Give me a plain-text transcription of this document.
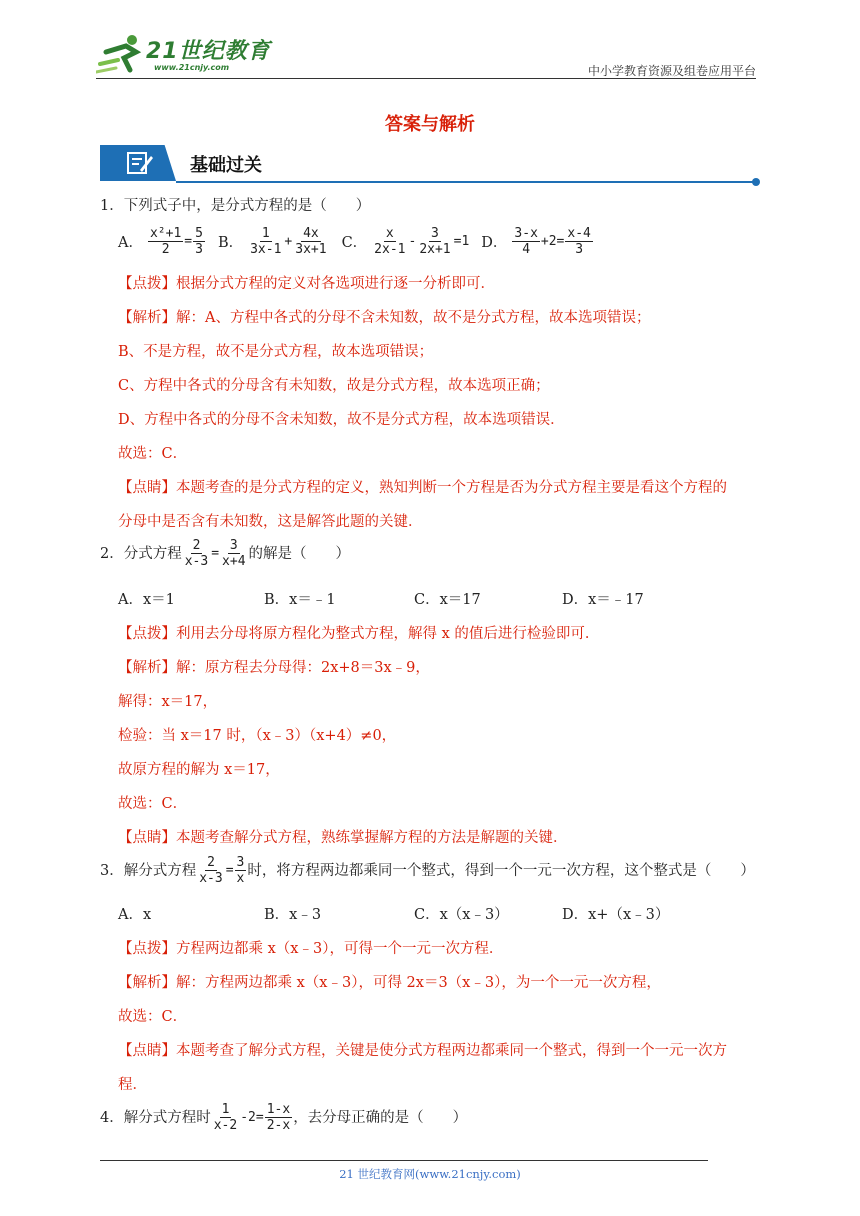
21世纪教育
www.21cnjy.com	中小学教育资源及组卷应用平台
答案与解析
基础过关
1．下列式子中，是分式方程的是（　　）
A． $\frac{\text{x²+1}}{2} = \frac{5}{3}$ B． $\frac{1}{3x-1} + \frac{4x}{3x+1}$ C． $\frac{x}{2x-1} - \frac{3}{2x+1} =1$ D． $\frac{3-x}{4} +2= \frac{x-4}{3}$
【点拨】根据分式方程的定义对各选项进行逐一分析即可．
【解析】解：A、方程中各式的分母不含未知数，故不是分式方程，故本选项错误；
B、不是方程，故不是分式方程，故本选项错误；
C、方程中各式的分母含有未知数，故是分式方程，故本选项正确；
D、方程中各式的分母不含未知数，故不是分式方程，故本选项错误．
故选：C．
【点睛】本题考查的是分式方程的定义，熟知判断一个方程是否为分式方程主要是看这个方程的
分母中是否含有未知数，这是解答此题的关键．
2．分式方程 $\frac{2}{x-3} = \frac{3}{x+4}$ 的解是（　　）
A．x＝1	B．x＝﹣1	C．x＝17	D．x＝﹣17
【点拨】利用去分母将原方程化为整式方程，解得 x 的值后进行检验即可．
【解析】解：原方程去分母得：2x+8＝3x﹣9，
解得：x＝17，
检验：当 x＝17 时，（x﹣3）（x+4）≠0，
故原方程的解为 x＝17，
故选：C．
【点睛】本题考查解分式方程，熟练掌握解方程的方法是解题的关键．
3．解分式方程 $\frac{2}{x-3} = \frac{3}{x}$ 时，将方程两边都乘同一个整式，得到一个一元一次方程，这个整式是（　　）
A．x	B．x﹣3	C．x（x﹣3）	D．x+（x﹣3）
【点拨】方程两边都乘 x（x﹣3），可得一个一元一次方程．
【解析】解：方程两边都乘 x（x﹣3），可得 2x＝3（x﹣3），为一个一元一次方程，
故选：C．
【点睛】本题考查了解分式方程，关键是使分式方程两边都乘同一个整式，得到一个一元一次方
程．
4．解分式方程时 $\frac{1}{x-2} -2= \frac{1-x}{2-x}$ ，去分母正确的是（　　）
21 世纪教育网(www.21cnjy.com)
